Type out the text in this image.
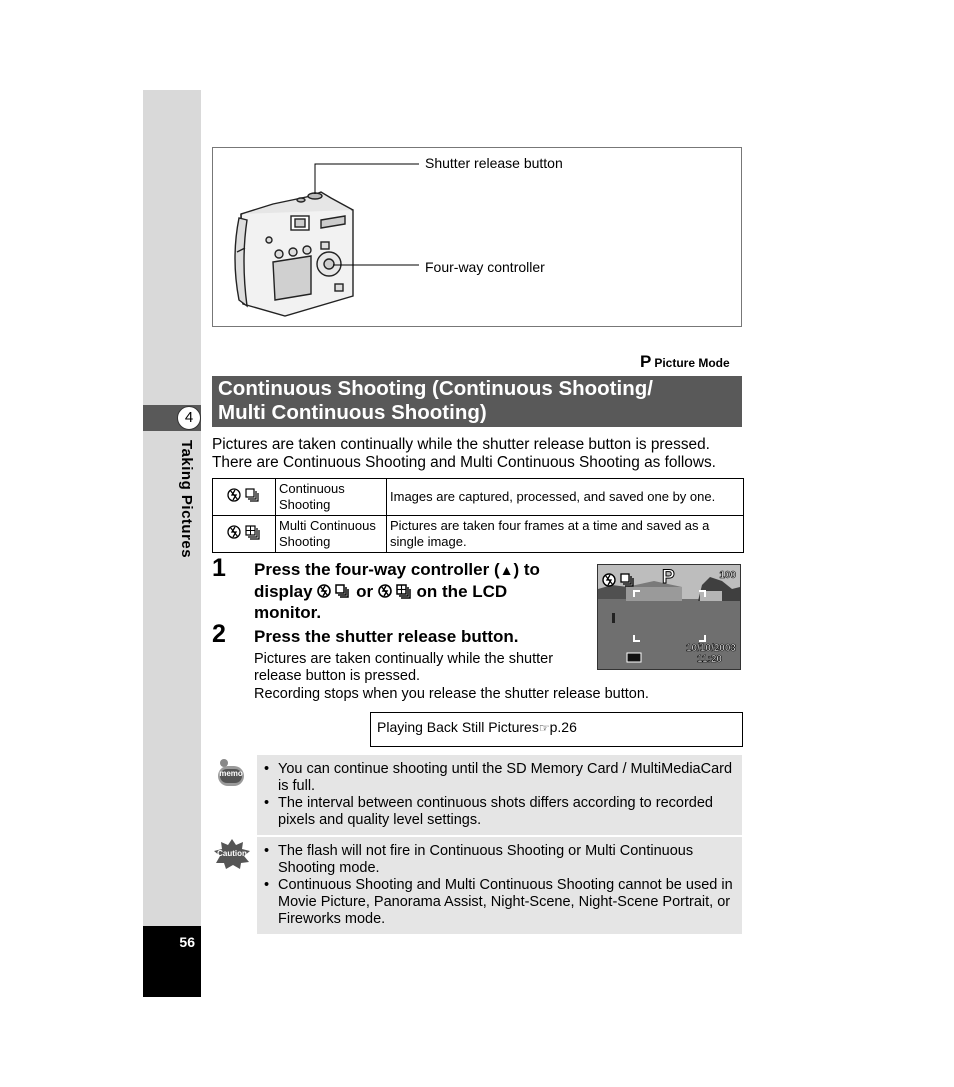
4
Taking Pictures
56
Shutter release button
Four-way controller
P Picture Mode
Continuous Shooting (Continuous Shooting/
Multi Continuous Shooting)
Pictures are taken continually while the shutter release button is pressed.
There are Continuous Shooting and Multi Continuous Shooting as follows.
	Continuous Shooting	Images are captured, processed, and saved one by one.
	Multi Continuous Shooting	Pictures are taken four frames at a time and saved as a single image.
1 Press the four-way controller (▲) to
display	or	on the LCD
monitor.
2 Press the shutter release button.
Pictures are taken continually while the shutter
release button is pressed.
Recording stops when you release the shutter release button.
P	100
10/10/2003
11:20
Playing Back Still Pictures☞p.26
memo • You can continue shooting until the SD Memory Card / MultiMediaCard is full.
• The interval between continuous shots differs according to recorded pixels and quality level settings.
Caution • The flash will not fire in Continuous Shooting or Multi Continuous Shooting mode.
• Continuous Shooting and Multi Continuous Shooting cannot be used in Movie Picture, Panorama Assist, Night-Scene, Night-Scene Portrait, or Fireworks mode.
